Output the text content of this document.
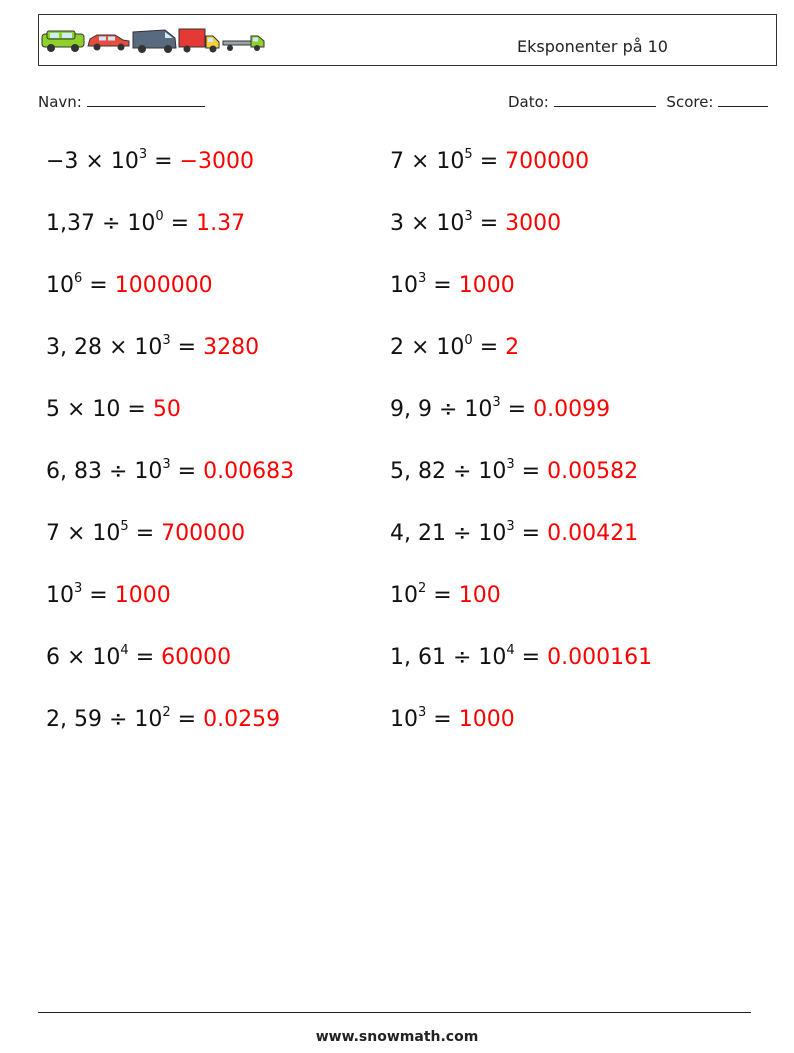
Eksponenter på 10
Navn:	Dato:	Score:
$-3 \times 10^3 = -3000$	$7 \times 10^5 = 700000$
$1,37 \div 10^0 = 1.37$	$3 \times 10^3 = 3000$
$10^6 = 1000000$	$10^3 = 1000$
3, $28 \times 10^3 = 3280$	$2 \times 10^0 = 2$
5 × 10 = 50	9, $9 \div 10^3 = 0.0099$
6, $83 \div 10^3 = 0.00683$	5, $82 \div 10^3 = 0.00582$
$7 \times 10^5 = 700000$	4, $21 \div 10^3 = 0.00421$
$10^3 = 1000$	$10^2 = 100$
$6 \times 10^4 = 60000$	1, $61 \div 10^4 = 0.000161$
2, $59 \div 10^2 = 0.0259$	$10^3 = 1000$
www.snowmath.com
